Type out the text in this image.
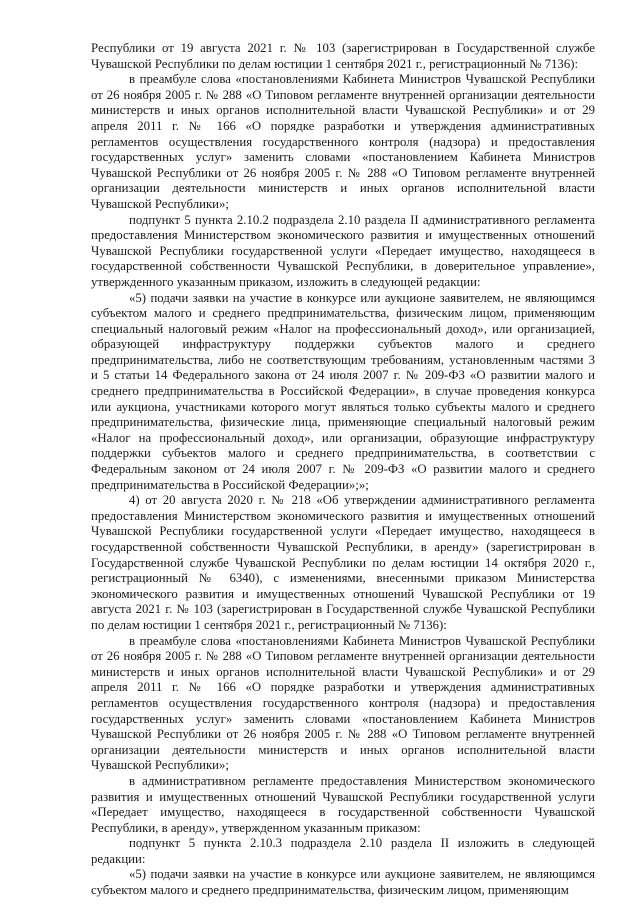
Республики от 19 августа 2021 г. № 103 (зарегистрирован в Государственной службе
Чувашской Республики по делам юстиции 1 сентября 2021 г., регистрационный № 7136):
в преамбуле слова «постановлениями Кабинета Министров Чувашской Республики
от 26 ноября 2005 г. № 288 «О Типовом регламенте внутренней организации деятельности
министерств и иных органов исполнительной власти Чувашской Республики» и от 29
апреля 2011 г. № 166 «О порядке разработки и утверждения административных
регламентов осуществления государственного контроля (надзора) и предоставления
государственных услуг» заменить словами «постановлением Кабинета Министров
Чувашской Республики от 26 ноября 2005 г. № 288 «О Типовом регламенте внутренней
организации деятельности министерств и иных органов исполнительной власти
Чувашской Республики»;
подпункт 5 пункта 2.10.2 подраздела 2.10 раздела II административного регламента
предоставления Министерством экономического развития и имущественных отношений
Чувашской Республики государственной услуги «Передает имущество, находящееся в
государственной собственности Чувашской Республики, в доверительное управление»,
утвержденного указанным приказом, изложить в следующей редакции:
«5) подачи заявки на участие в конкурсе или аукционе заявителем, не являющимся
субъектом малого и среднего предпринимательства, физическим лицом, применяющим
специальный налоговый режим «Налог на профессиональный доход», или организацией,
образующей инфраструктуру поддержки субъектов малого и среднего
предпринимательства, либо не соответствующим требованиям, установленным частями 3
и 5 статьи 14 Федерального закона от 24 июля 2007 г. № 209-ФЗ «О развитии малого и
среднего предпринимательства в Российской Федерации», в случае проведения конкурса
или аукциона, участниками которого могут являться только субъекты малого и среднего
предпринимательства, физические лица, применяющие специальный налоговый режим
«Налог на профессиональный доход», или организации, образующие инфраструктуру
поддержки субъектов малого и среднего предпринимательства, в соответствии с
Федеральным законом от 24 июля 2007 г. № 209-ФЗ «О развитии малого и среднего
предпринимательства в Российской Федерации»;»;
4) от 20 августа 2020 г. № 218 «Об утверждении административного регламента
предоставления Министерством экономического развития и имущественных отношений
Чувашской Республики государственной услуги «Передает имущество, находящееся в
государственной собственности Чувашской Республики, в аренду» (зарегистрирован в
Государственной службе Чувашской Республики по делам юстиции 14 октября 2020 г.,
регистрационный № 6340), с изменениями, внесенными приказом Министерства
экономического развития и имущественных отношений Чувашской Республики от 19
августа 2021 г. № 103 (зарегистрирован в Государственной службе Чувашской Республики
по делам юстиции 1 сентября 2021 г., регистрационный № 7136):
в преамбуле слова «постановлениями Кабинета Министров Чувашской Республики
от 26 ноября 2005 г. № 288 «О Типовом регламенте внутренней организации деятельности
министерств и иных органов исполнительной власти Чувашской Республики» и от 29
апреля 2011 г. № 166 «О порядке разработки и утверждения административных
регламентов осуществления государственного контроля (надзора) и предоставления
государственных услуг» заменить словами «постановлением Кабинета Министров
Чувашской Республики от 26 ноября 2005 г. № 288 «О Типовом регламенте внутренней
организации деятельности министерств и иных органов исполнительной власти
Чувашской Республики»;
в административном регламенте предоставления Министерством экономического
развития и имущественных отношений Чувашской Республики государственной услуги
«Передает имущество, находящееся в государственной собственности Чувашской
Республики, в аренду», утвержденном указанным приказом:
подпункт 5 пункта 2.10.3 подраздела 2.10 раздела II изложить в следующей
редакции:
«5) подачи заявки на участие в конкурсе или аукционе заявителем, не являющимся
субъектом малого и среднего предпринимательства, физическим лицом, применяющим
